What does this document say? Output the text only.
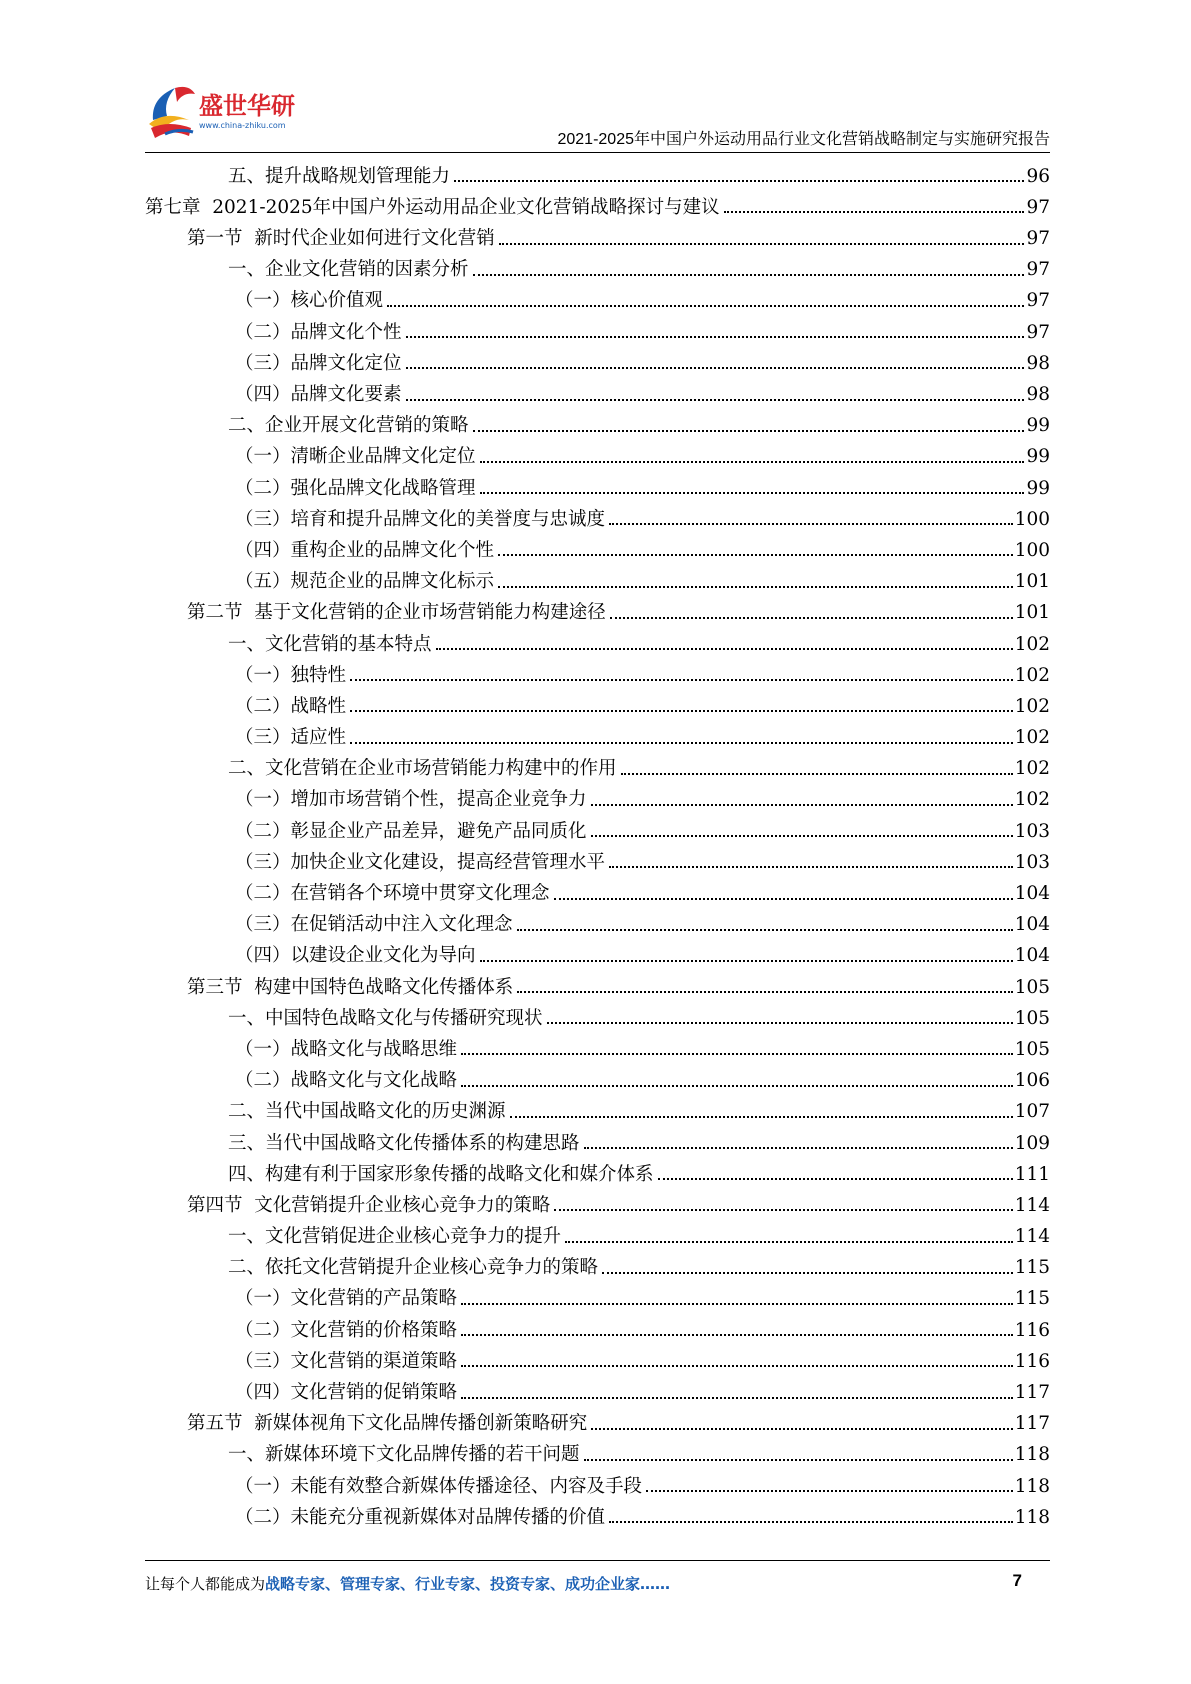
盛世华研
www.china-zhiku.com
2021-2025年中国户外运动用品行业文化营销战略制定与实施研究报告
五、提升战略规划管理能力	96
第七章  2021-2025年中国户外运动用品企业文化营销战略探讨与建议	97
第一节  新时代企业如何进行文化营销	97
一、企业文化营销的因素分析	97
（一）核心价值观	97
（二）品牌文化个性	97
（三）品牌文化定位	98
（四）品牌文化要素	98
二、企业开展文化营销的策略	99
（一）清晰企业品牌文化定位	99
（二）强化品牌文化战略管理	99
（三）培育和提升品牌文化的美誉度与忠诚度	100
（四）重构企业的品牌文化个性	100
（五）规范企业的品牌文化标示	101
第二节  基于文化营销的企业市场营销能力构建途径	101
一、文化营销的基本特点	102
（一）独特性	102
（二）战略性	102
（三）适应性	102
二、文化营销在企业市场营销能力构建中的作用	102
（一）增加市场营销个性，提高企业竞争力	102
（二）彰显企业产品差异，避免产品同质化	103
（三）加快企业文化建设，提高经营管理水平	103
（二）在营销各个环境中贯穿文化理念	104
（三）在促销活动中注入文化理念	104
（四）以建设企业文化为导向	104
第三节  构建中国特色战略文化传播体系	105
一、中国特色战略文化与传播研究现状	105
（一）战略文化与战略思维	105
（二）战略文化与文化战略	106
二、当代中国战略文化的历史渊源	107
三、当代中国战略文化传播体系的构建思路	109
四、构建有利于国家形象传播的战略文化和媒介体系	111
第四节  文化营销提升企业核心竞争力的策略	114
一、文化营销促进企业核心竞争力的提升	114
二、依托文化营销提升企业核心竞争力的策略	115
（一）文化营销的产品策略	115
（二）文化营销的价格策略	116
（三）文化营销的渠道策略	116
（四）文化营销的促销策略	117
第五节  新媒体视角下文化品牌传播创新策略研究	117
一、新媒体环境下文化品牌传播的若干问题	118
（一）未能有效整合新媒体传播途径、内容及手段	118
（二）未能充分重视新媒体对品牌传播的价值	118
让每个人都能成为战略专家、管理专家、行业专家、投资专家、成功企业家……	7
